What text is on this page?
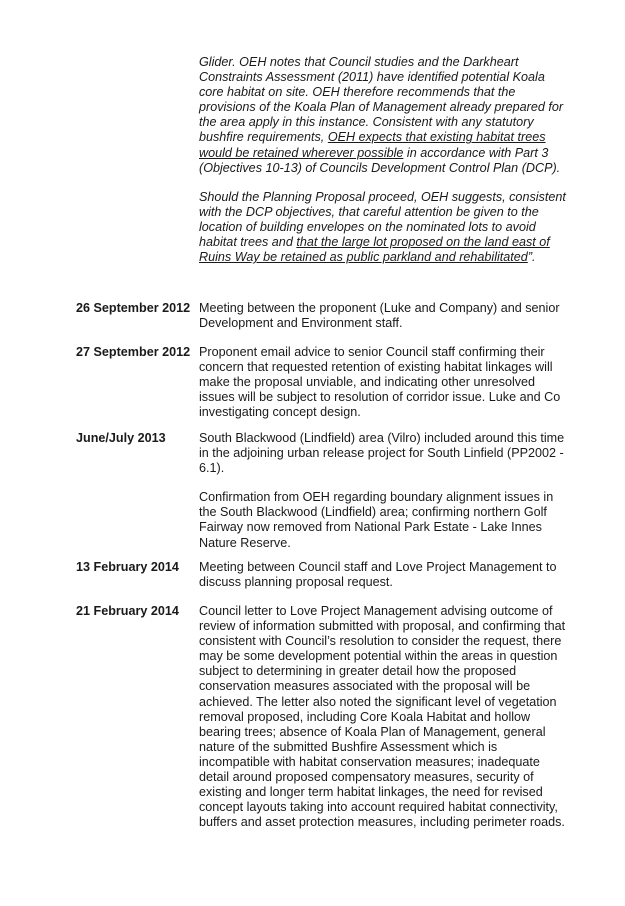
Glider. OEH notes that Council studies and the Darkheart Constraints Assessment (2011) have identified potential Koala core habitat on site. OEH therefore recommends that the provisions of the Koala Plan of Management already prepared for the area apply in this instance. Consistent with any statutory bushfire requirements, OEH expects that existing habitat trees would be retained wherever possible in accordance with Part 3 (Objectives 10-13) of Councils Development Control Plan (DCP).

Should the Planning Proposal proceed, OEH suggests, consistent with the DCP objectives, that careful attention be given to the location of building envelopes on the nominated lots to avoid habitat trees and that the large lot proposed on the land east of Ruins Way be retained as public parkland and rehabilitated”.

26 September 2012 Meeting between the proponent (Luke and Company) and senior Development and Environment staff.

27 September 2012 Proponent email advice to senior Council staff confirming their concern that requested retention of existing habitat linkages will make the proposal unviable, and indicating other unresolved issues will be subject to resolution of corridor issue. Luke and Co investigating concept design.

June/July 2013	South Blackwood (Lindfield) area (Vilro) included around this time in the adjoining urban release project for South Linfield (PP2002 - 6.1).

Confirmation from OEH regarding boundary alignment issues in the South Blackwood (Lindfield) area; confirming northern Golf Fairway now removed from National Park Estate - Lake Innes Nature Reserve.

13 February 2014	Meeting between Council staff and Love Project Management to discuss planning proposal request.

21 February 2014	Council letter to Love Project Management advising outcome of review of information submitted with proposal, and confirming that consistent with Council’s resolution to consider the request, there may be some development potential within the areas in question subject to determining in greater detail how the proposed conservation measures associated with the proposal will be achieved. The letter also noted the significant level of vegetation removal proposed, including Core Koala Habitat and hollow bearing trees; absence of Koala Plan of Management, general nature of the submitted Bushfire Assessment which is incompatible with habitat conservation measures; inadequate detail around proposed compensatory measures, security of existing and longer term habitat linkages, the need for revised concept layouts taking into account required habitat connectivity, buffers and asset protection measures, including perimeter roads.
